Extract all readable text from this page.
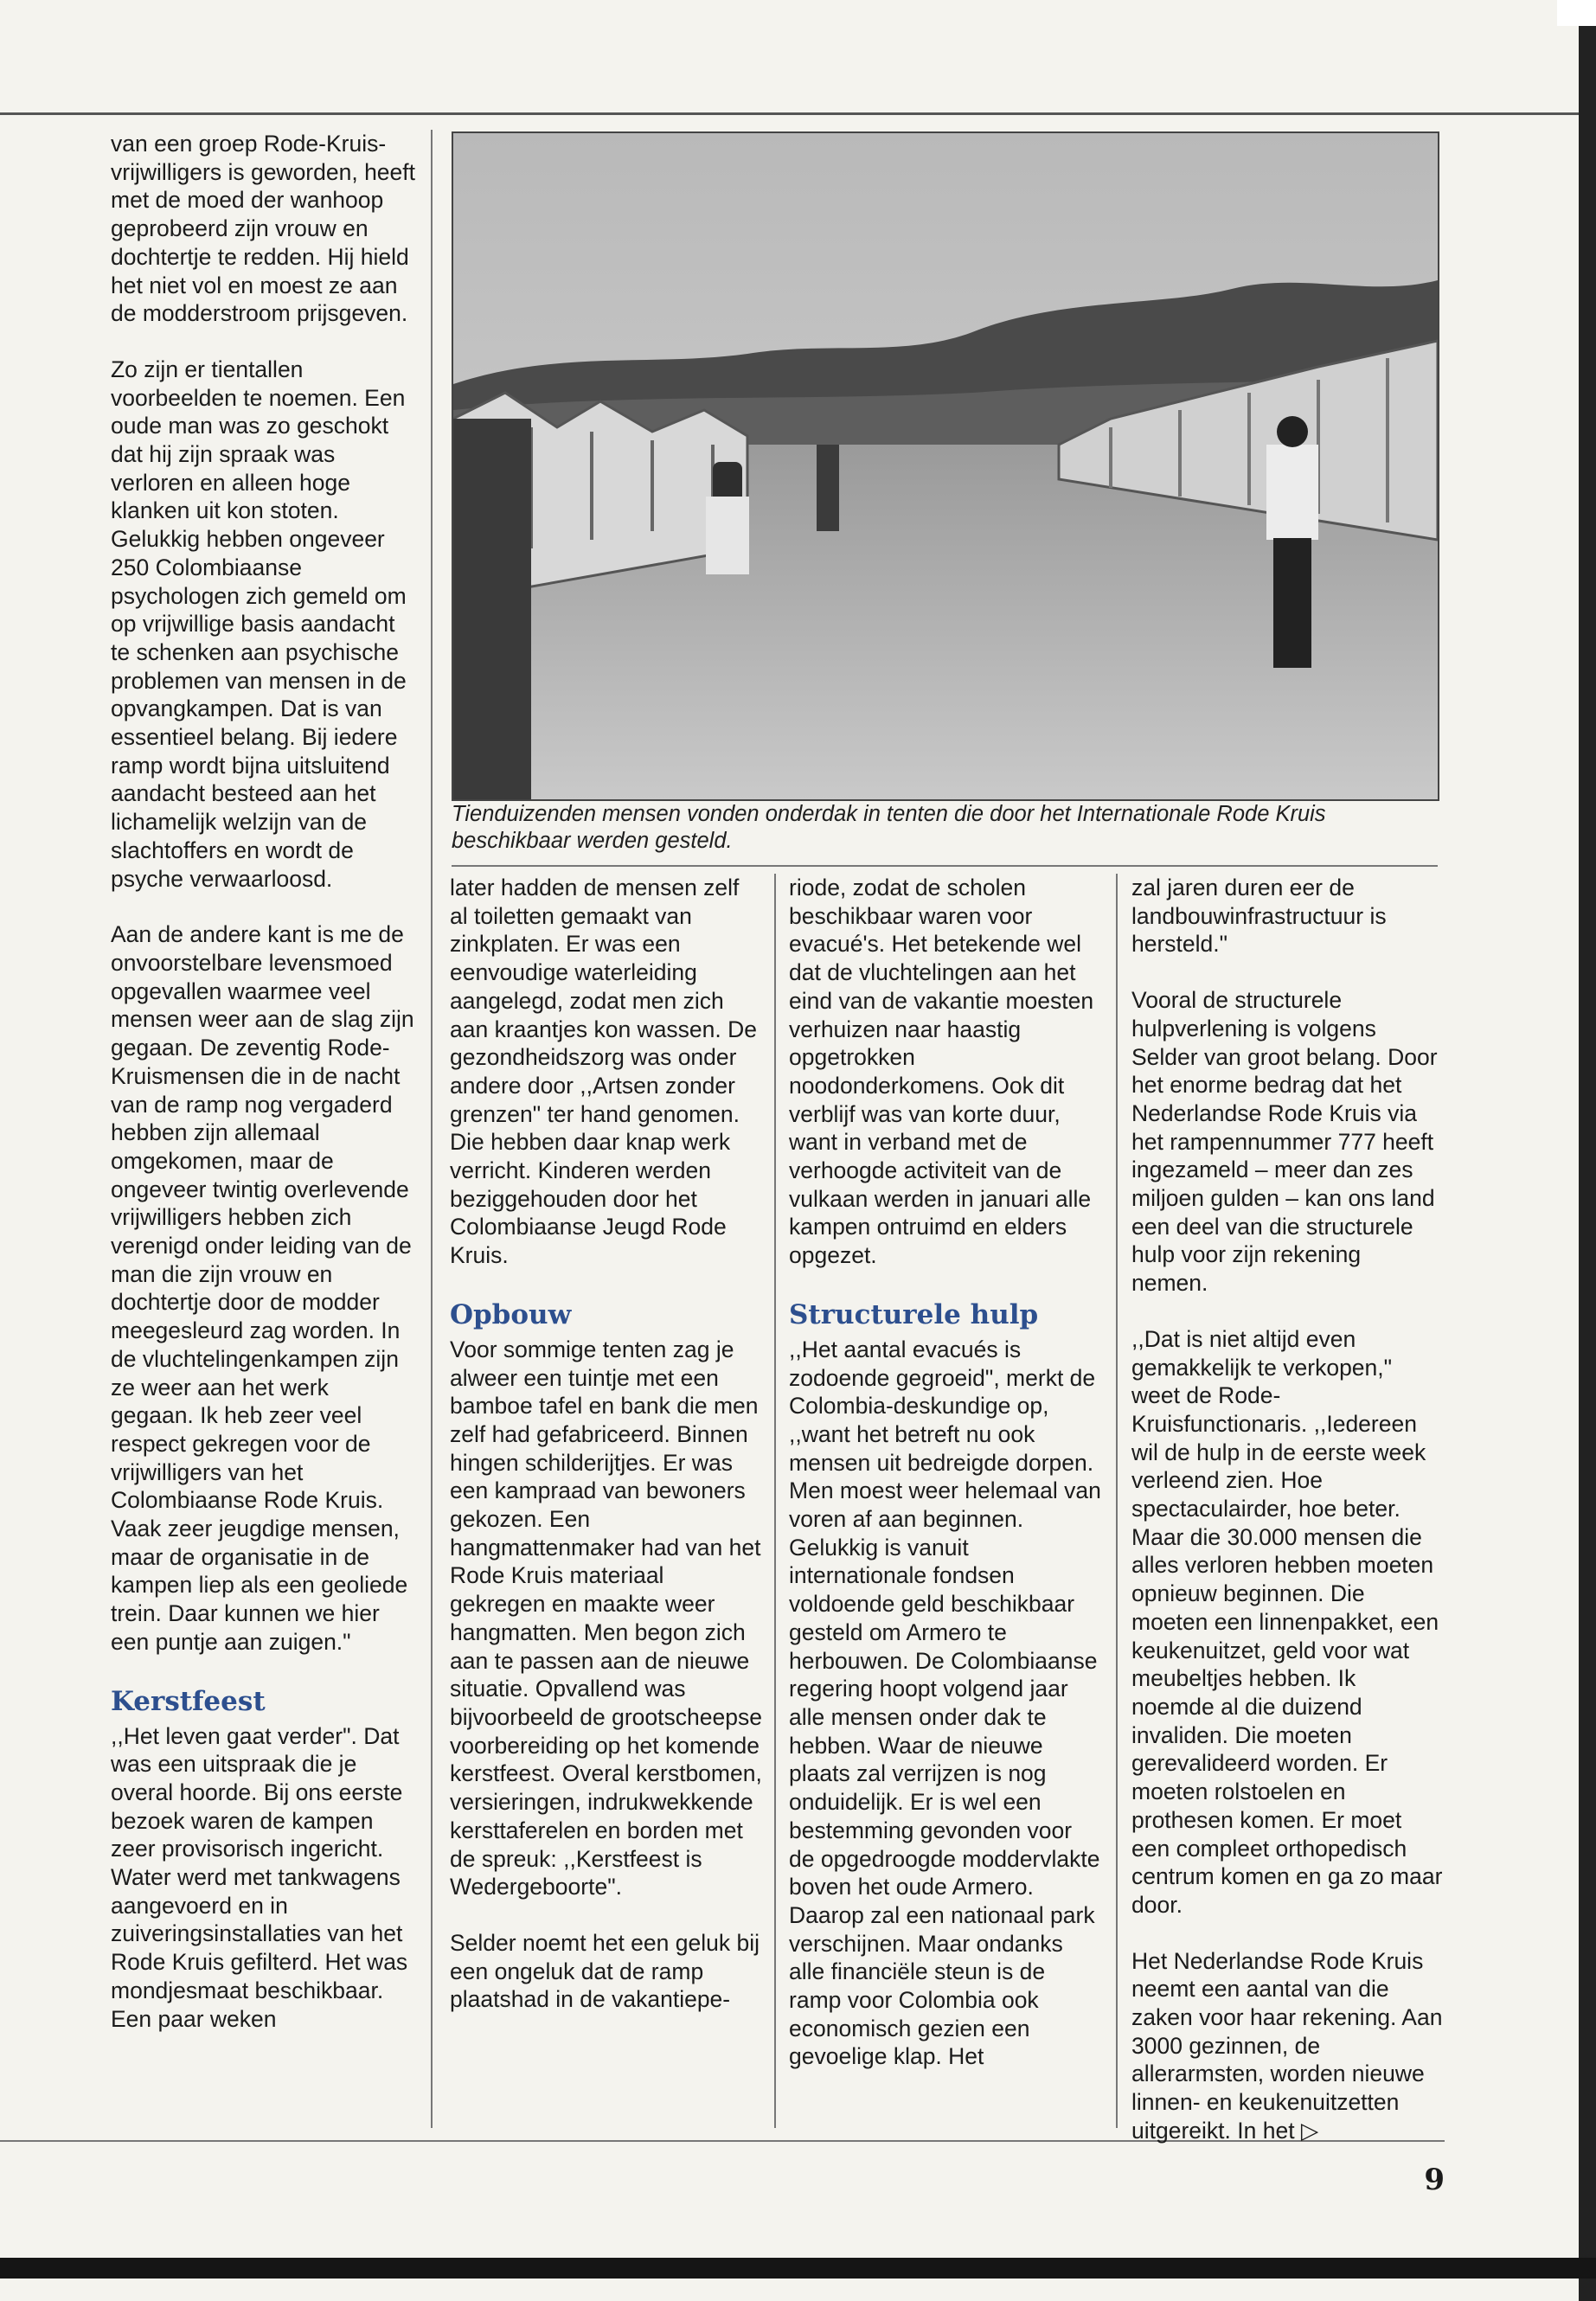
van een groep Rode-Kruis-vrijwilligers is geworden, heeft met de moed der wanhoop geprobeerd zijn vrouw en dochtertje te redden. Hij hield het niet vol en moest ze aan de modderstroom prijsgeven.

Zo zijn er tientallen voorbeelden te noemen. Een oude man was zo geschokt dat hij zijn spraak was verloren en alleen hoge klanken uit kon stoten. Gelukkig hebben ongeveer 250 Colombiaanse psychologen zich gemeld om op vrijwillige basis aandacht te schenken aan psychische problemen van mensen in de opvangkampen. Dat is van essentieel belang. Bij iedere ramp wordt bijna uitsluitend aandacht besteed aan het lichamelijk welzijn van de slachtoffers en wordt de psyche verwaarloosd.

Aan de andere kant is me de onvoorstelbare levensmoed opgevallen waarmee veel mensen weer aan de slag zijn gegaan. De zeventig Rode-Kruismensen die in de nacht van de ramp nog vergaderd hebben zijn allemaal omgekomen, maar de ongeveer twintig overlevende vrijwilligers hebben zich verenigd onder leiding van de man die zijn vrouw en dochtertje door de modder meegesleurd zag worden. In de vluchtelingenkampen zijn ze weer aan het werk gegaan. Ik heb zeer veel respect gekregen voor de vrijwilligers van het Colombiaanse Rode Kruis. Vaak zeer jeugdige mensen, maar de organisatie in de kampen liep als een geoliede trein. Daar kunnen we hier een puntje aan zuigen."

Kerstfeest

,,Het leven gaat verder". Dat was een uitspraak die je overal hoorde. Bij ons eerste bezoek waren de kampen zeer provisorisch ingericht. Water werd met tankwagens aangevoerd en in zuiveringsinstallaties van het Rode Kruis gefilterd. Het was mondjesmaat beschikbaar. Een paar weken

Tienduizenden mensen vonden onderdak in tenten die door het Internationale Rode Kruis beschikbaar werden gesteld.

later hadden de mensen zelf al toiletten gemaakt van zinkplaten. Er was een eenvoudige waterleiding aangelegd, zodat men zich aan kraantjes kon wassen. De gezondheidszorg was onder andere door ,,Artsen zonder grenzen" ter hand genomen. Die hebben daar knap werk verricht. Kinderen werden beziggehouden door het Colombiaanse Jeugd Rode Kruis.

Opbouw

Voor sommige tenten zag je alweer een tuintje met een bamboe tafel en bank die men zelf had gefabriceerd. Binnen hingen schilderijtjes. Er was een kampraad van bewoners gekozen. Een hangmattenmaker had van het Rode Kruis materiaal gekregen en maakte weer hangmatten. Men begon zich aan te passen aan de nieuwe situatie. Opvallend was bijvoorbeeld de grootscheepse voorbereiding op het komende kerstfeest. Overal kerstbomen, versieringen, indrukwekkende kersttaferelen en borden met de spreuk: ,,Kerstfeest is Wedergeboorte".

Selder noemt het een geluk bij een ongeluk dat de ramp plaatshad in de vakantiepe-

riode, zodat de scholen beschikbaar waren voor evacué's. Het betekende wel dat de vluchtelingen aan het eind van de vakantie moesten verhuizen naar haastig opgetrokken noodonderkomens. Ook dit verblijf was van korte duur, want in verband met de verhoogde activiteit van de vulkaan werden in januari alle kampen ontruimd en elders opgezet.

Structurele hulp

,,Het aantal evacués is zodoende gegroeid", merkt de Colombia-deskundige op, ,,want het betreft nu ook mensen uit bedreigde dorpen. Men moest weer helemaal van voren af aan beginnen. Gelukkig is vanuit internationale fondsen voldoende geld beschikbaar gesteld om Armero te herbouwen. De Colombiaanse regering hoopt volgend jaar alle mensen onder dak te hebben. Waar de nieuwe plaats zal verrijzen is nog onduidelijk. Er is wel een bestemming gevonden voor de opgedroogde moddervlakte boven het oude Armero. Daarop zal een nationaal park verschijnen. Maar ondanks alle financiële steun is de ramp voor Colombia ook economisch gezien een gevoelige klap. Het

zal jaren duren eer de landbouwinfrastructuur is hersteld."

Vooral de structurele hulpverlening is volgens Selder van groot belang. Door het enorme bedrag dat het Nederlandse Rode Kruis via het rampennummer 777 heeft ingezameld – meer dan zes miljoen gulden – kan ons land een deel van die structurele hulp voor zijn rekening nemen.

,,Dat is niet altijd even gemakkelijk te verkopen," weet de Rode-Kruisfunctionaris. ,,Iedereen wil de hulp in de eerste week verleend zien. Hoe spectaculairder, hoe beter. Maar die 30.000 mensen die alles verloren hebben moeten opnieuw beginnen. Die moeten een linnenpakket, een keukenuitzet, geld voor wat meubeltjes hebben. Ik noemde al die duizend invaliden. Die moeten gerevalideerd worden. Er moeten rolstoelen en prothesen komen. Er moet een compleet orthopedisch centrum komen en ga zo maar door.

Het Nederlandse Rode Kruis neemt een aantal van die zaken voor haar rekening. Aan 3000 gezinnen, de allerarmsten, worden nieuwe linnen- en keukenuitzetten uitgereikt. In het ▷

9
